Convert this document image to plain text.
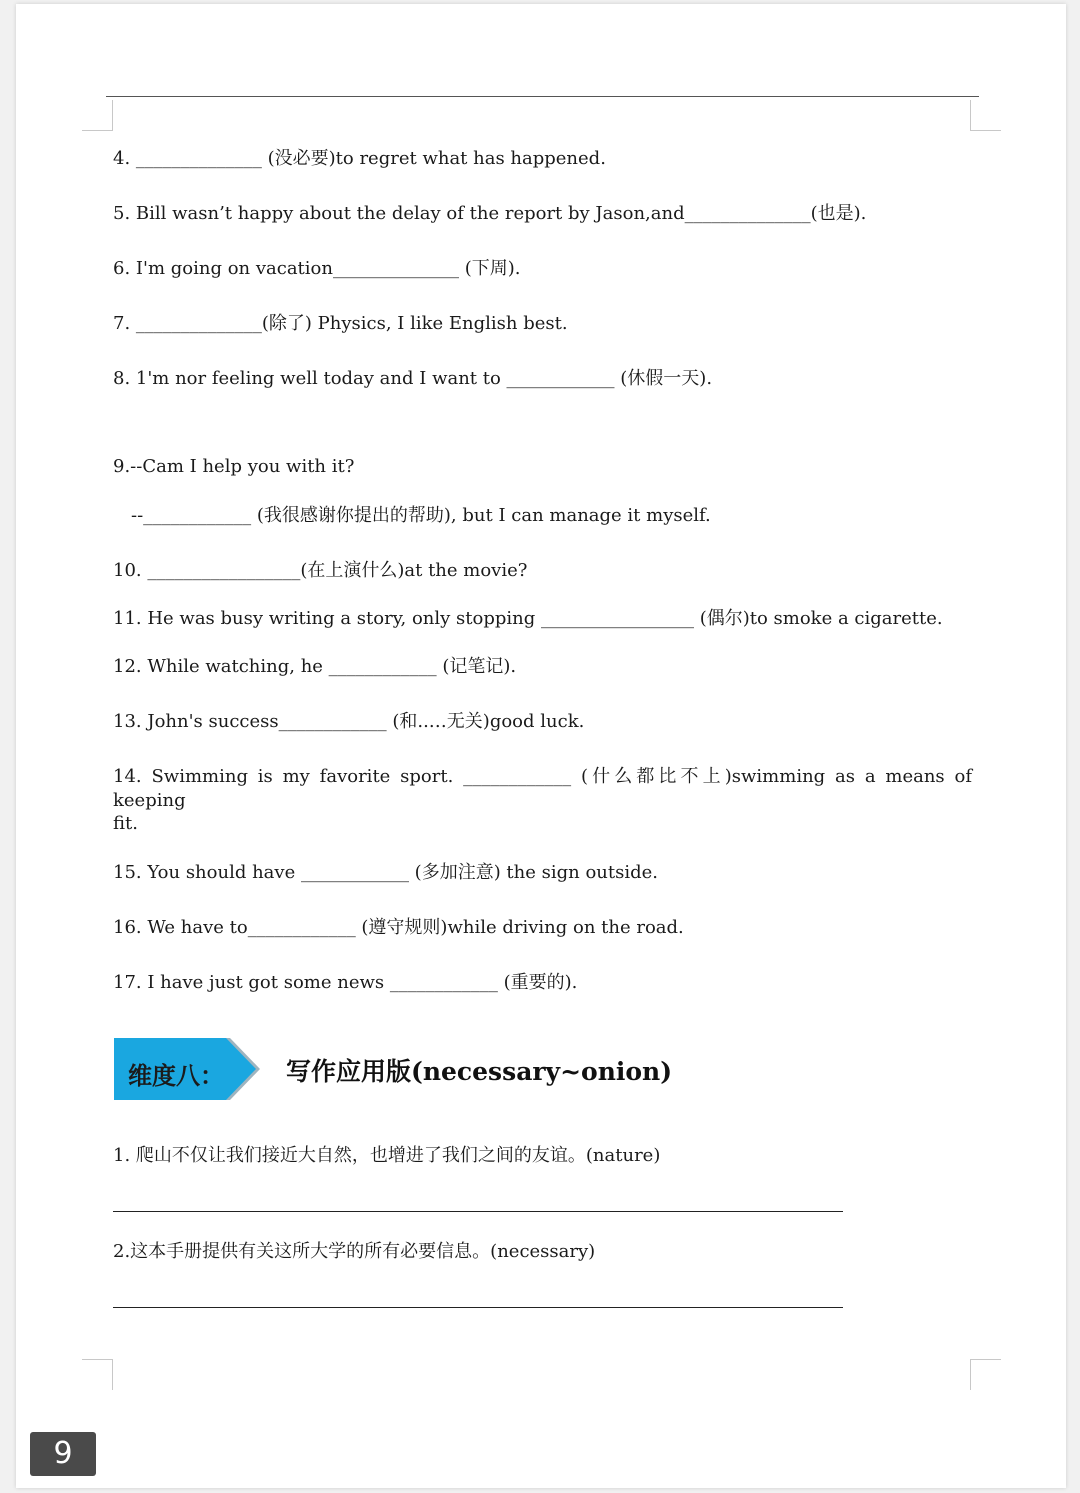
4. ______________ (没必要)to regret what has happened.
5. Bill wasn’t happy about the delay of the report by Jason,and______________(也是).
6. I'm going on vacation______________ (下周).
7. ______________(除了) Physics, I like English best.
8. 1'm nor feeling well today and I want to ____________ (休假一天).
9.--Cam I help you with it?
--____________ (我很感谢你提出的帮助), but I can manage it myself.
10. _________________(在上演什么)at the movie?
11. He was busy writing a story, only stopping _________________ (偶尔)to smoke a cigarette.
12. While watching, he ____________ (记笔记).
13. John's success____________ (和..…无关)good luck.
14. Swimming is my favorite sport. ____________ (什么都比不上)swimming as a means of keeping
fit.
15. You should have ____________ (多加注意) the sign outside.
16. We have to____________ (遵守规则)while driving on the road.
17. I have just got some news ____________ (重要的).
维度八： 写作应用版(necessary~onion)
1. 爬山不仅让我们接近大自然，也增进了我们之间的友谊。(nature)
2.这本手册提供有关这所大学的所有必要信息。(necessary)
9
